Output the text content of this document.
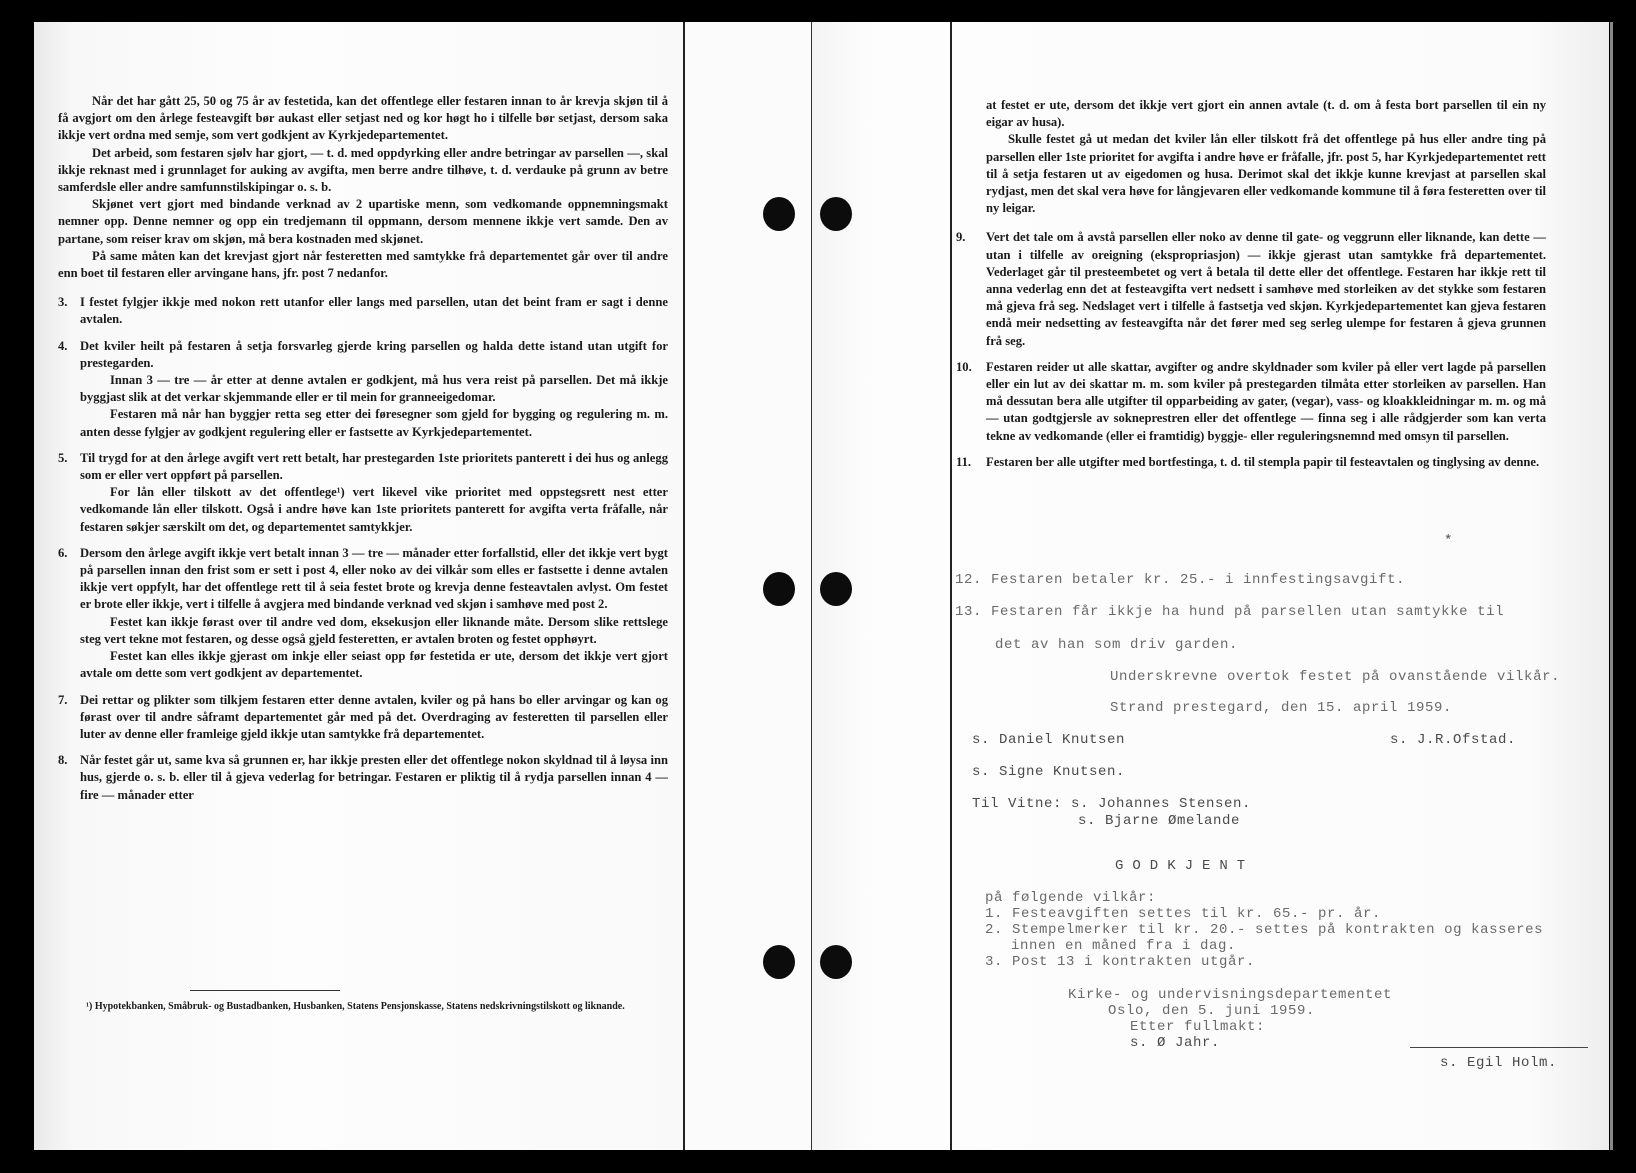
Når det har gått 25, 50 og 75 år av festetida, kan det offentlege eller festaren innan to år krevja skjøn til å få avgjort om den årlege festeavgift bør aukast eller setjast ned og kor høgt ho i tilfelle bør setjast, dersom saka ikkje vert ordna med semje, som vert godkjent av Kyrkjedepartementet.

Det arbeid, som festaren sjølv har gjort, — t. d. med oppdyrking eller andre betringar av parsellen —, skal ikkje reknast med i grunnlaget for auking av avgifta, men berre andre tilhøve, t. d. verdauke på grunn av betre samferdsle eller andre samfunnstilskipingar o. s. b.

Skjønet vert gjort med bindande verknad av 2 upartiske menn, som vedkomande oppnemningsmakt nemner opp. Denne nemner og opp ein tredjemann til oppmann, dersom mennene ikkje vert samde. Den av partane, som reiser krav om skjøn, må bera kostnaden med skjønet.

På same måten kan det krevjast gjort når festeretten med samtykke frå departementet går over til andre enn boet til festaren eller arvingane hans, jfr. post 7 nedanfor.

3. I festet fylgjer ikkje med nokon rett utanfor eller langs med parsellen, utan det beint fram er sagt i denne avtalen.

4. Det kviler heilt på festaren å setja forsvarleg gjerde kring parsellen og halda dette istand utan utgift for prestegarden.

Innan 3 — tre — år etter at denne avtalen er godkjent, må hus vera reist på parsellen. Det må ikkje byggjast slik at det verkar skjemmande eller er til mein for granneeigedomar.

Festaren må når han byggjer retta seg etter dei føresegner som gjeld for bygging og regulering m. m. anten desse fylgjer av godkjent regulering eller er fastsette av Kyrkjedepartementet.

5. Til trygd for at den årlege avgift vert rett betalt, har prestegarden 1ste prioritets panterett i dei hus og anlegg som er eller vert oppført på parsellen.

For lån eller tilskott av det offentlege¹) vert likevel vike prioritet med oppstegsrett nest etter vedkomande lån eller tilskott. Også i andre høve kan 1ste prioritets panterett for avgifta verta fråfalle, når festaren søkjer særskilt om det, og departementet samtykkjer.

6. Dersom den årlege avgift ikkje vert betalt innan 3 — tre — månader etter forfallstid, eller det ikkje vert bygt på parsellen innan den frist som er sett i post 4, eller noko av dei vilkår som elles er fastsette i denne avtalen ikkje vert oppfylt, har det offentlege rett til å seia festet brote og krevja denne festeavtalen avlyst. Om festet er brote eller ikkje, vert i tilfelle å avgjera med bindande verknad ved skjøn i samhøve med post 2.

Festet kan ikkje førast over til andre ved dom, eksekusjon eller liknande måte. Dersom slike rettslege steg vert tekne mot festaren, og desse også gjeld festeretten, er avtalen broten og festet opphøyrt.

Festet kan elles ikkje gjerast om inkje eller seiast opp før festetida er ute, dersom det ikkje vert gjort avtale om dette som vert godkjent av departementet.

7. Dei rettar og plikter som tilkjem festaren etter denne avtalen, kviler og på hans bo eller arvingar og kan og førast over til andre såframt departementet går med på det. Overdraging av festeretten til parsellen eller luter av denne eller framleige gjeld ikkje utan samtykke frå departementet.

8. Når festet går ut, same kva så grunnen er, har ikkje presten eller det offentlege nokon skyldnad til å løysa inn hus, gjerde o. s. b. eller til å gjeva vederlag for betringar. Festaren er pliktig til å rydja parsellen innan 4 — fire — månader etter

¹) Hypotekbanken, Småbruk- og Bustadbanken, Husbanken, Statens Pensjonskasse, Statens nedskrivningstilskott og liknande.

at festet er ute, dersom det ikkje vert gjort ein annen avtale (t. d. om å festa bort parsellen til ein ny eigar av husa).

Skulle festet gå ut medan det kviler lån eller tilskott frå det offentlege på hus eller andre ting på parsellen eller 1ste prioritet for avgifta i andre høve er fråfalle, jfr. post 5, har Kyrkjedepartementet rett til å setja festaren ut av eigedomen og husa. Derimot skal det ikkje kunne krevjast at parsellen skal rydjast, men det skal vera høve for långjevaren eller vedkomande kommune til å føra festeretten over til ny leigar.

9. Vert det tale om å avstå parsellen eller noko av denne til gate- og veggrunn eller liknande, kan dette — utan i tilfelle av oreigning (ekspropriasjon) — ikkje gjerast utan samtykke frå departementet. Vederlaget går til presteembetet og vert å betala til dette eller det offentlege. Festaren har ikkje rett til anna vederlag enn det at festeavgifta vert nedsett i samhøve med storleiken av det stykke som festaren må gjeva frå seg. Nedslaget vert i tilfelle å fastsetja ved skjøn. Kyrkjedepartementet kan gjeva festaren endå meir nedsetting av festeavgifta når det fører med seg serleg ulempe for festaren å gjeva grunnen frå seg.

10. Festaren reider ut alle skattar, avgifter og andre skyldnader som kviler på eller vert lagde på parsellen eller ein lut av dei skattar m. m. som kviler på prestegarden tilmåta etter storleiken av parsellen. Han må dessutan bera alle utgifter til opparbeiding av gater, (vegar), vass- og kloakkleidningar m. m. og må — utan godtgjersle av sokneprestren eller det offentlege — finna seg i alle rådgjerder som kan verta tekne av vedkomande (eller ei framtidig) byggje- eller reguleringsnemnd med omsyn til parsellen.

11. Festaren ber alle utgifter med bortfestinga, t. d. til stempla papir til festeavtalen og tinglysing av denne.

*
12. Festaren betaler kr. 25.- i innfestingsavgift.
13. Festaren får ikkje ha hund på parsellen utan samtykke til
det av han som driv garden.
Underskrevne overtok festet på ovanstående vilkår.
Strand prestegard, den 15. april 1959.
s. Daniel Knutsen	s. J.R.Ofstad.
s. Signe Knutsen.
Til Vitne: s. Johannes Stensen.
s. Bjarne Ømelande
GODKJENT
på følgende vilkår:
1. Festeavgiften settes til kr. 65.- pr. år.
2. Stempelmerker til kr. 20.- settes på kontrakten og kasseres
innen en måned fra i dag.
3. Post 13 i kontrakten utgår.
Kirke- og undervisningsdepartementet
Oslo, den 5. juni 1959.
Etter fullmakt:
s. Ø Jahr.
s. Egil Holm.
